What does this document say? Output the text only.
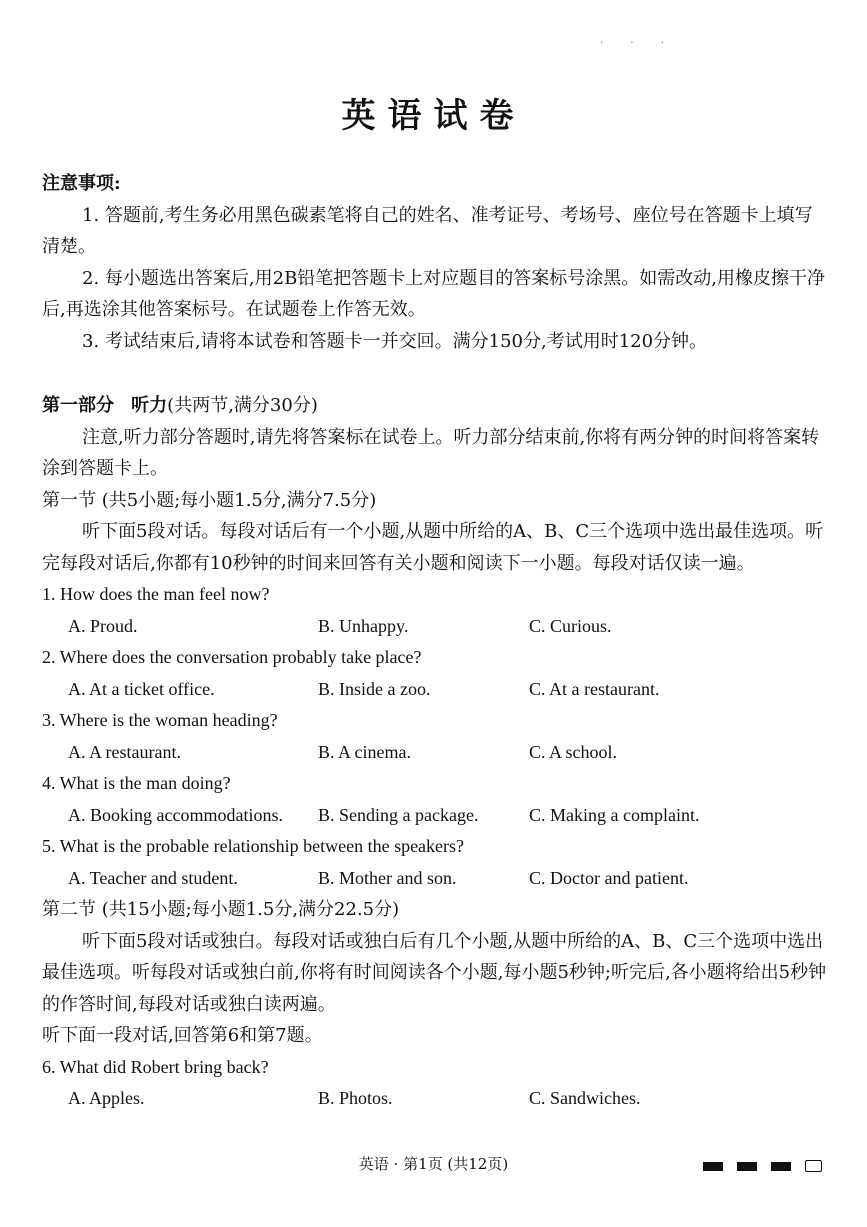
· · ·
英语试卷

注意事项:

1. 答题前,考生务必用黑色碳素笔将自己的姓名、准考证号、考场号、座位号在答题卡上填写清楚。

2. 每小题选出答案后,用2B铅笔把答题卡上对应题目的答案标号涂黑。如需改动,用橡皮擦干净后,再选涂其他答案标号。在试题卷上作答无效。

3. 考试结束后,请将本试卷和答题卡一并交回。满分150分,考试用时120分钟。

第一部分 听力(共两节,满分30分)

注意,听力部分答题时,请先将答案标在试卷上。听力部分结束前,你将有两分钟的时间将答案转涂到答题卡上。

第一节 (共5小题;每小题1.5分,满分7.5分)

听下面5段对话。每段对话后有一个小题,从题中所给的A、B、C三个选项中选出最佳选项。听完每段对话后,你都有10秒钟的时间来回答有关小题和阅读下一小题。每段对话仅读一遍。

1. How does the man feel now?

A. Proud.	B. Unhappy.	C. Curious.

2. Where does the conversation probably take place?

A. At a ticket office.	B. Inside a zoo.	C. At a restaurant.

3. Where is the woman heading?

A. A restaurant.	B. A cinema.	C. A school.

4. What is the man doing?

A. Booking accommodations.	B. Sending a package.	C. Making a complaint.

5. What is the probable relationship between the speakers?

A. Teacher and student.	B. Mother and son.	C. Doctor and patient.

第二节 (共15小题;每小题1.5分,满分22.5分)

听下面5段对话或独白。每段对话或独白后有几个小题,从题中所给的A、B、C三个选项中选出最佳选项。听每段对话或独白前,你将有时间阅读各个小题,每小题5秒钟;听完后,各小题将给出5秒钟的作答时间,每段对话或独白读两遍。

听下面一段对话,回答第6和第7题。

6. What did Robert bring back?

A. Apples.	B. Photos.	C. Sandwiches.
英语 · 第1页 (共12页)
